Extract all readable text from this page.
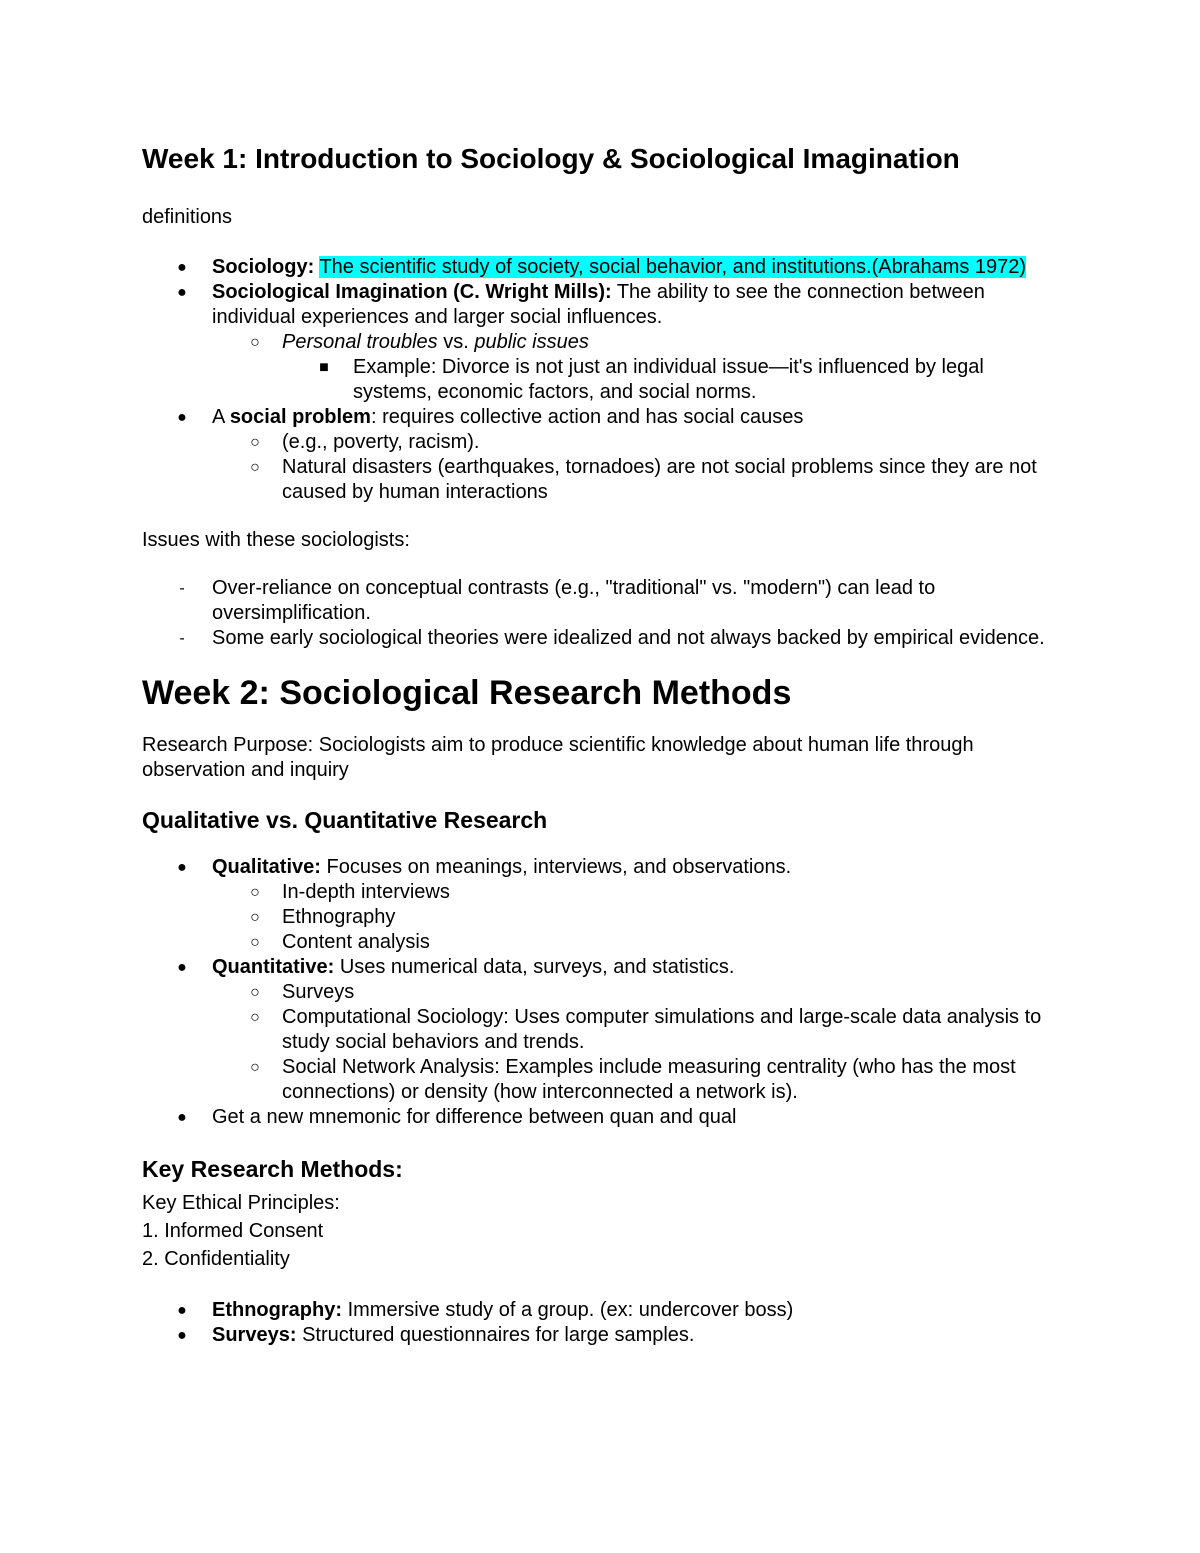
Week 1: Introduction to Sociology & Sociological Imagination

definitions

● Sociology: The scientific study of society, social behavior, and institutions.(Abrahams 1972)
● Sociological Imagination (C. Wright Mills): The ability to see the connection between individual experiences and larger social influences.
○ Personal troubles vs. public issues
■ Example: Divorce is not just an individual issue—it's influenced by legal systems, economic factors, and social norms.
● A social problem: requires collective action and has social causes
○ (e.g., poverty, racism).
○ Natural disasters (earthquakes, tornadoes) are not social problems since they are not caused by human interactions

Issues with these sociologists:

-	Over-reliance on conceptual contrasts (e.g., "traditional" vs. "modern") can lead to oversimplification.
-	Some early sociological theories were idealized and not always backed by empirical evidence.
Week 2: Sociological Research Methods

Research Purpose: Sociologists aim to produce scientific knowledge about human life through observation and inquiry

Qualitative vs. Quantitative Research
● Qualitative: Focuses on meanings, interviews, and observations.
○ In-depth interviews
○ Ethnography
○ Content analysis
● Quantitative: Uses numerical data, surveys, and statistics.
○ Surveys
○ Computational Sociology: Uses computer simulations and large-scale data analysis to study social behaviors and trends.
○ Social Network Analysis: Examples include measuring centrality (who has the most connections) or density (how interconnected a network is).
● Get a new mnemonic for difference between quan and qual
Key Research Methods:

Key Ethical Principles:

1. Informed Consent

2. Confidentiality

● Ethnography: Immersive study of a group. (ex: undercover boss)
● Surveys: Structured questionnaires for large samples.
